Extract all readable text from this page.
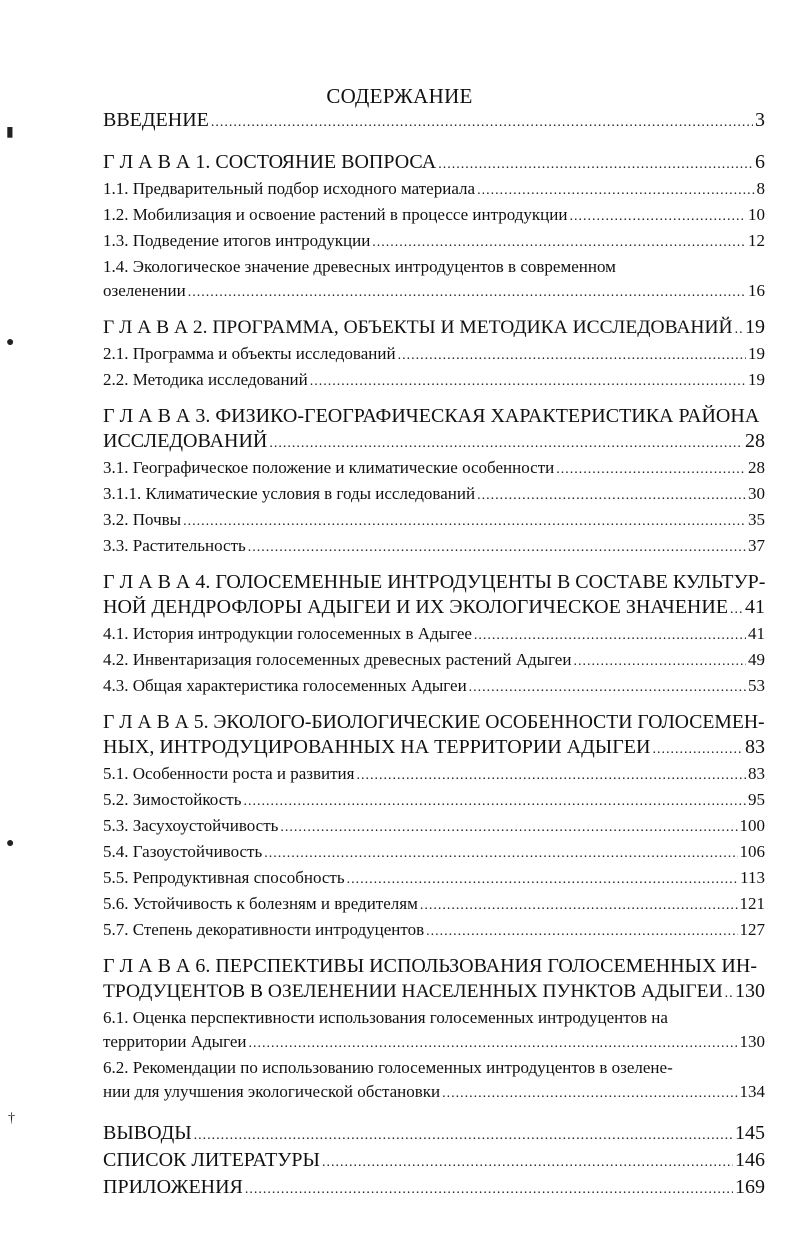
СОДЕРЖАНИЕ
▮
●
●
†
ВВЕДЕНИЕ .....	3
Г Л А В А 1. СОСТОЯНИЕ ВОПРОСА .....	6
1.1. Предварительный подбор исходного материала .....	8
1.2. Мобилизация и освоение растений в процессе интродукции .....	10
1.3. Подведение итогов интродукции .....	12
1.4. Экологическое значение древесных интродуцентов в современном
озеленении .....	16
Г Л А В А 2. ПРОГРАММА, ОБЪЕКТЫ И МЕТОДИКА ИССЛЕДОВАНИЙ ..... 19
2.1. Программа и объекты исследований .....	19
2.2. Методика исследований .....	19
Г Л А В А 3. ФИЗИКО-ГЕОГРАФИЧЕСКАЯ ХАРАКТЕРИСТИКА РАЙОНА
ИССЛЕДОВАНИЙ .....	28
3.1. Географическое положение и климатические особенности .....	28
3.1.1. Климатические условия в годы исследований .....	30
3.2. Почвы .....	35
3.3. Растительность .....	37
Г Л А В А 4. ГОЛОСЕМЕННЫЕ ИНТРОДУЦЕНТЫ В СОСТАВЕ КУЛЬТУР-
НОЙ ДЕНДРОФЛОРЫ АДЫГЕИ И ИХ ЭКОЛОГИЧЕСКОЕ ЗНАЧЕНИЕ ..... 41
4.1. История интродукции голосеменных в Адыгее .....	41
4.2. Инвентаризация голосеменных древесных растений Адыгеи .....	49
4.3. Общая характеристика голосеменных Адыгеи .....	53
Г Л А В А 5. ЭКОЛОГО-БИОЛОГИЧЕСКИЕ ОСОБЕННОСТИ ГОЛОСЕМЕН-
НЫХ, ИНТРОДУЦИРОВАННЫХ НА ТЕРРИТОРИИ АДЫГЕИ .....	83
5.1. Особенности роста и развития .....	83
5.2. Зимостойкость .....	95
5.3. Засухоустойчивость .....	100
5.4. Газоустойчивость .....	106
5.5. Репродуктивная способность .....	113
5.6. Устойчивость к болезням и вредителям .....	121
5.7. Степень декоративности интродуцентов .....	127
Г Л А В А 6. ПЕРСПЕКТИВЫ ИСПОЛЬЗОВАНИЯ ГОЛОСЕМЕННЫХ ИН-
ТРОДУЦЕНТОВ В ОЗЕЛЕНЕНИИ НАСЕЛЕННЫХ ПУНКТОВ АДЫГЕИ ..... 130
6.1. Оценка перспективности использования голосеменных интродуцентов на
территории Адыгеи .....	130
6.2. Рекомендации по использованию голосеменных интродуцентов в озелене-
нии для улучшения экологической обстановки .....	134
ВЫВОДЫ .....	145
СПИСОК ЛИТЕРАТУРЫ .....	146
ПРИЛОЖЕНИЯ .....	169
